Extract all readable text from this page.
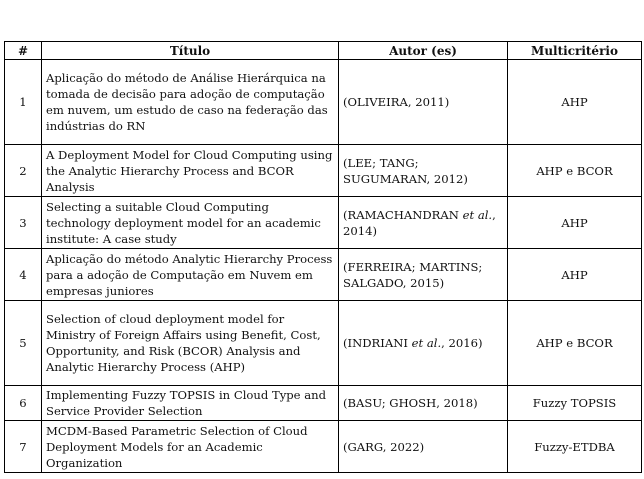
#	Título	Autor (es)	Multicritério
1	Aplicação do método de Análise Hierárquica na tomada de decisão para adoção de computação em nuvem, um estudo de caso na federação das indústrias do RN	(OLIVEIRA, 2011)	AHP
2	A Deployment Model for Cloud Computing using the Analytic Hierarchy Process and BCOR Analysis	(LEE; TANG; SUGUMARAN, 2012)	AHP e BCOR
3	Selecting a suitable Cloud Computing technology deployment model for an academic institute: A case study	(RAMACHANDRAN et al., 2014)	AHP
4	Aplicação do método Analytic Hierarchy Process para a adoção de Computação em Nuvem em empresas juniores	(FERREIRA; MARTINS; SALGADO, 2015)	AHP
5	Selection of cloud deployment model for Ministry of Foreign Affairs using Benefit, Cost, Opportunity, and Risk (BCOR) Analysis and Analytic Hierarchy Process (AHP)	(INDRIANI et al., 2016)	AHP e BCOR
6	Implementing Fuzzy TOPSIS in Cloud Type and Service Provider Selection	(BASU; GHOSH, 2018)	Fuzzy TOPSIS
7	MCDM-Based Parametric Selection of Cloud Deployment Models for an Academic Organization	(GARG, 2022)	Fuzzy-ETDBA
